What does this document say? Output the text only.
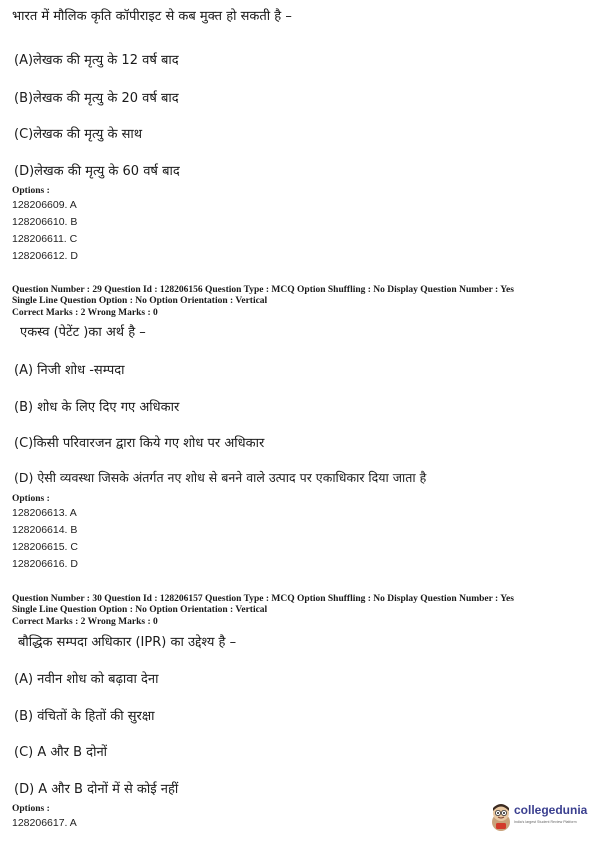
भारत में मौलिक कृति कॉपीराइट से कब मुक्त हो सकती है –
(A)लेखक की मृत्यु के 12 वर्ष बाद
(B)लेखक की मृत्यु के 20 वर्ष बाद
(C)लेखक की मृत्यु के साथ
(D)लेखक की मृत्यु के 60 वर्ष बाद
Options :
128206609. A
128206610. B
128206611. C
128206612. D
Question Number : 29 Question Id : 128206156 Question Type : MCQ Option Shuffling : No Display Question Number : Yes
Single Line Question Option : No Option Orientation : Vertical
Correct Marks : 2 Wrong Marks : 0
एकस्व (पेटेंट )का अर्थ है –
(A) निजी शोध -सम्पदा
(B) शोध के लिए दिए गए अधिकार
(C)किसी परिवारजन द्वारा किये गए शोध पर अधिकार
(D) ऐसी व्यवस्था जिसके अंतर्गत नए शोध से बनने वाले उत्पाद पर एकाधिकार दिया जाता है
Options :
128206613. A
128206614. B
128206615. C
128206616. D
Question Number : 30 Question Id : 128206157 Question Type : MCQ Option Shuffling : No Display Question Number : Yes
Single Line Question Option : No Option Orientation : Vertical
Correct Marks : 2 Wrong Marks : 0
बौद्धिक सम्पदा अधिकार (IPR) का उद्देश्य है –
(A) नवीन शोध को बढ़ावा देना
(B) वंचितों के हितों की सुरक्षा
(C) A और B दोनों
(D) A और B दोनों में से कोई नहीं
Options :
128206617. A
collegedunia
India's largest Student Review Platform
